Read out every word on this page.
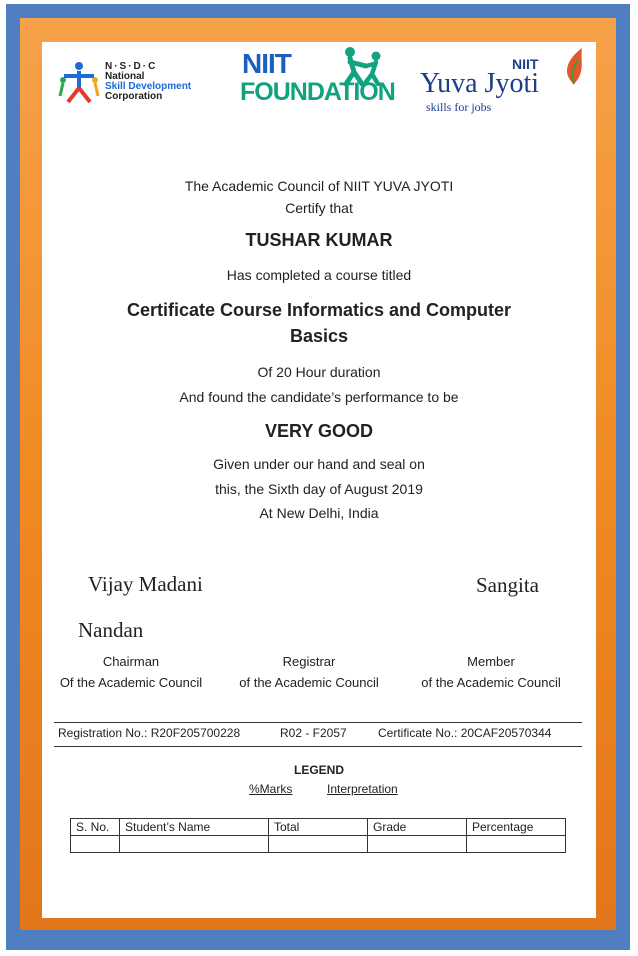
N·S·D·C
National
Skill Development
Corporation
NIIT
FOUNDATION
NIIT
Yuva Jyoti
skills for jobs
The Academic Council of NIIT YUVA JYOTI
Certify that
TUSHAR KUMAR
Has completed a course titled
Certificate Course Informatics and Computer
Basics
Of 20 Hour duration
And found the candidate’s performance to be
VERY GOOD
Given under our hand and seal on
this, the Sixth day of August 2019
At New Delhi, India
Vijay Madani	Sangita
Nandan
Chairman
Of the Academic Council
Registrar
of the Academic Council
Member
of the Academic Council
Registration No.: R20F205700228	R02 - F2057	Certificate No.: 20CAF20570344
LEGEND
%Marks	Interpretation
S. No.	Student’s Name	Total	Grade	Percentage
